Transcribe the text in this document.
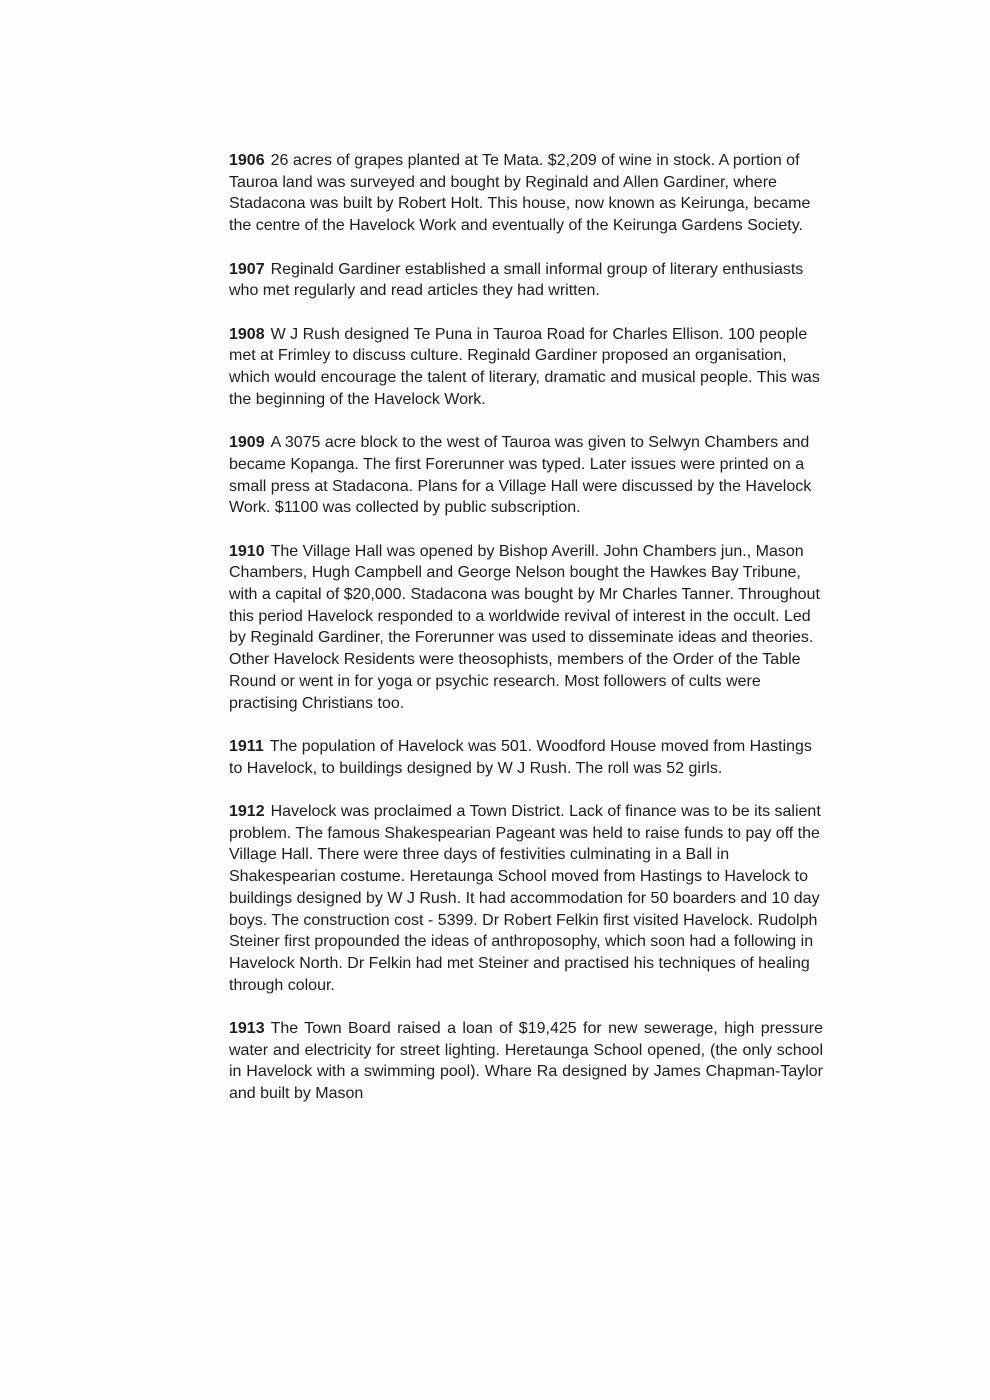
1906 26 acres of grapes planted at Te Mata. $2,209 of wine in stock. A portion of Tauroa land was surveyed and bought by Reginald and Allen Gardiner, where Stadacona was built by Robert Holt. This house, now known as Keirunga, became the centre of the Havelock Work and eventually of the Keirunga Gardens Society.

1907 Reginald Gardiner established a small informal group of literary enthusiasts who met regularly and read articles they had written.

1908 W J Rush designed Te Puna in Tauroa Road for Charles Ellison. 100 people met at Frimley to discuss culture. Reginald Gardiner proposed an organisation, which would encourage the talent of literary, dramatic and musical people. This was the beginning of the Havelock Work.

1909 A 3075 acre block to the west of Tauroa was given to Selwyn Chambers and became Kopanga. The first Forerunner was typed. Later issues were printed on a small press at Stadacona. Plans for a Village Hall were discussed by the Havelock Work. $1100 was collected by public subscription.

1910 The Village Hall was opened by Bishop Averill. John Chambers jun., Mason Chambers, Hugh Campbell and George Nelson bought the Hawkes Bay Tribune, with a capital of $20,000. Stadacona was bought by Mr Charles Tanner. Throughout this period Havelock responded to a worldwide revival of interest in the occult. Led by Reginald Gardiner, the Forerunner was used to disseminate ideas and theories. Other Havelock Residents were theosophists, members of the Order of the Table Round or went in for yoga or psychic research. Most followers of cults were practising Christians too.

1911 The population of Havelock was 501. Woodford House moved from Hastings to Havelock, to buildings designed by W J Rush. The roll was 52 girls.

1912 Havelock was proclaimed a Town District. Lack of finance was to be its salient problem. The famous Shakespearian Pageant was held to raise funds to pay off the Village Hall. There were three days of festivities culminating in a Ball in Shakespearian costume. Heretaunga School moved from Hastings to Havelock to buildings designed by W J Rush. It had accommodation for 50 boarders and 10 day boys. The construction cost - 5399. Dr Robert Felkin first visited Havelock. Rudolph Steiner first propounded the ideas of anthroposophy, which soon had a following in Havelock North. Dr Felkin had met Steiner and practised his techniques of healing through colour.

1913 The Town Board raised a loan of $19,425 for new sewerage, high pressure water and electricity for street lighting. Heretaunga School opened, (the only school in Havelock with a swimming pool). Whare Ra designed by James Chapman-Taylor and built by Mason
